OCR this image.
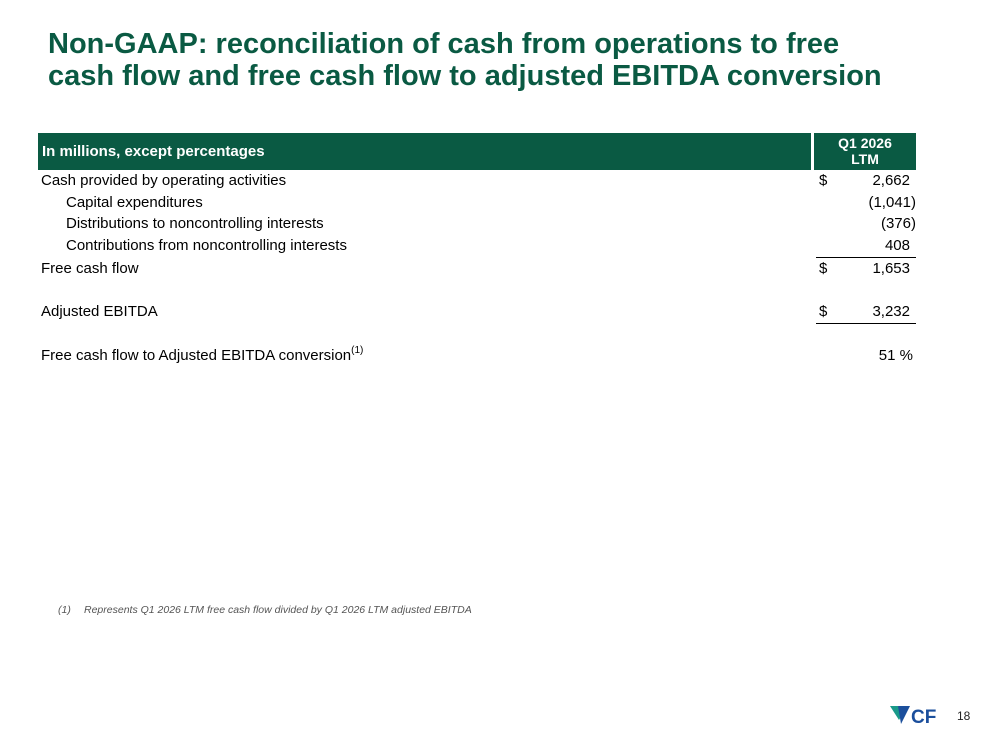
Non-GAAP: reconciliation of cash from operations to free
cash flow and free cash flow to adjusted EBITDA conversion
In millions, except percentages	Q1 2026
LTM
Cash provided by operating activities	$	2,662
Capital expenditures	(1,041)
Distributions to noncontrolling interests	(376)
Contributions from noncontrolling interests	408
Free cash flow	$	1,653
Adjusted EBITDA	$	3,232
Free cash flow to Adjusted EBITDA conversion$^{(1)}$	51 %
(1) Represents Q1 2026 LTM free cash flow divided by Q1 2026 LTM adjusted EBITDA
CF 18
